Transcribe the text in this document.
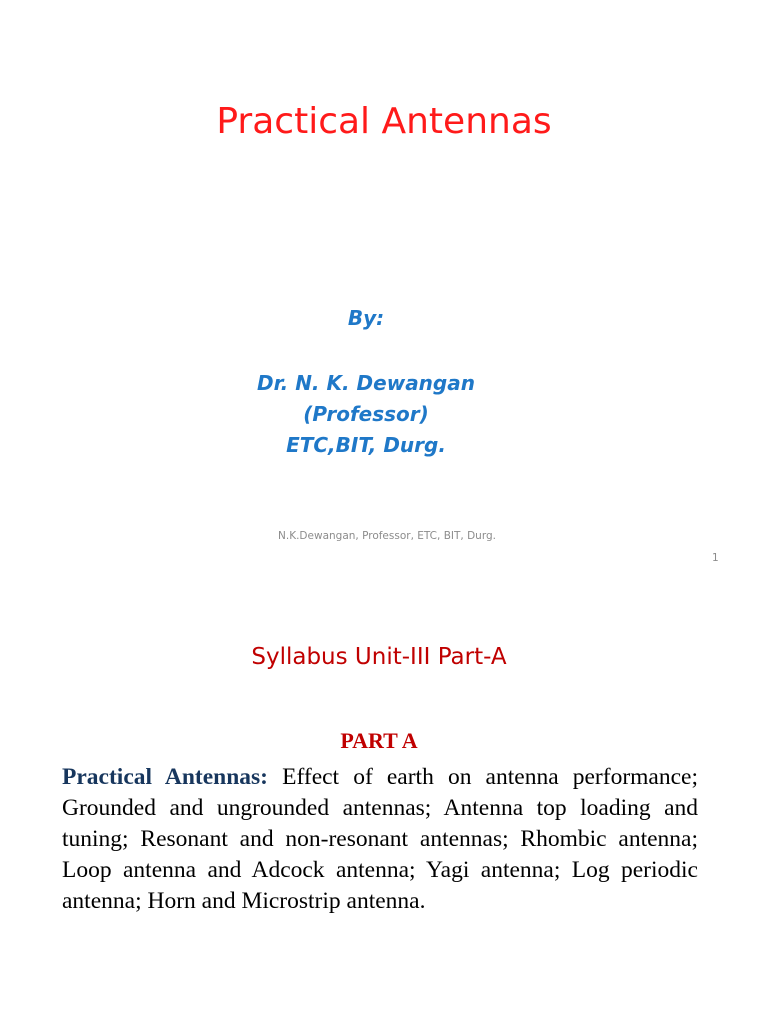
Practical Antennas
By:
Dr. N. K. Dewangan
(Professor)
ETC,BIT, Durg.
N.K.Dewangan, Professor, ETC, BIT, Durg.
1
Syllabus Unit-III Part-A
PART A

Practical Antennas: Effect of earth on antenna performance; Grounded and ungrounded antennas; Antenna top loading and tuning; Resonant and non-resonant antennas; Rhombic antenna; Loop antenna and Adcock antenna; Yagi antenna; Log periodic antenna; Horn and Microstrip antenna.
